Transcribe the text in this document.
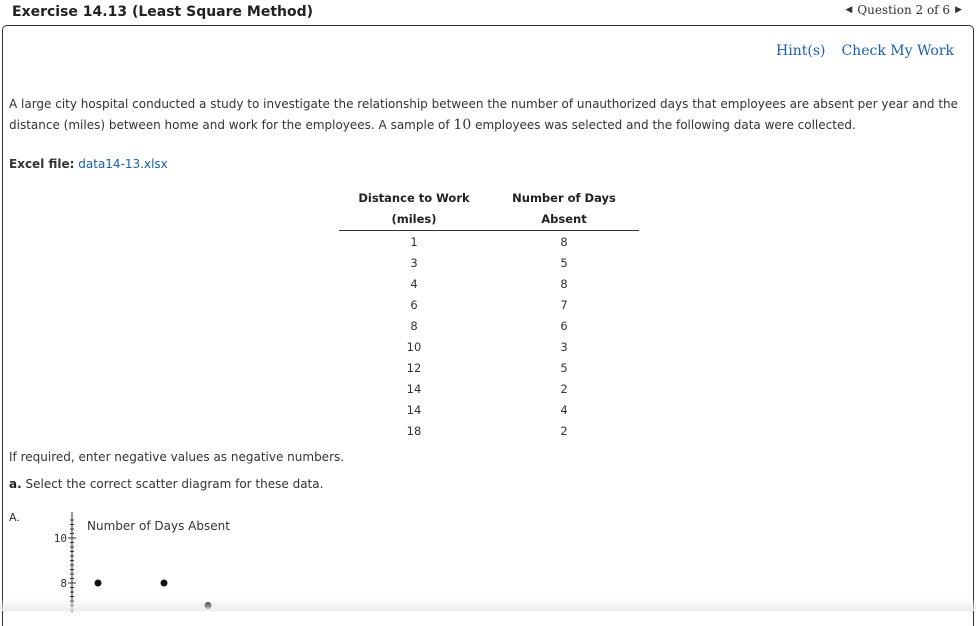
Exercise 14.13 (Least Square Method)	◀ Question 2 of 6 ▶
Hint(s) Check My Work
A large city hospital conducted a study to investigate the relationship between the number of unauthorized days that employees are absent per year and the distance (miles) between home and work for the employees. A sample of 10 employees was selected and the following data were collected.
Excel file: data14-13.xlsx
Distance to Work	Number of Days
(miles)	Absent
1	8
3	5
4	8
6	7
8	6
10	3
12	5
14	2
14	4
18	2
If required, enter negative values as negative numbers.
a. Select the correct scatter diagram for these data.
A.
10
8
Number of Days Absent
